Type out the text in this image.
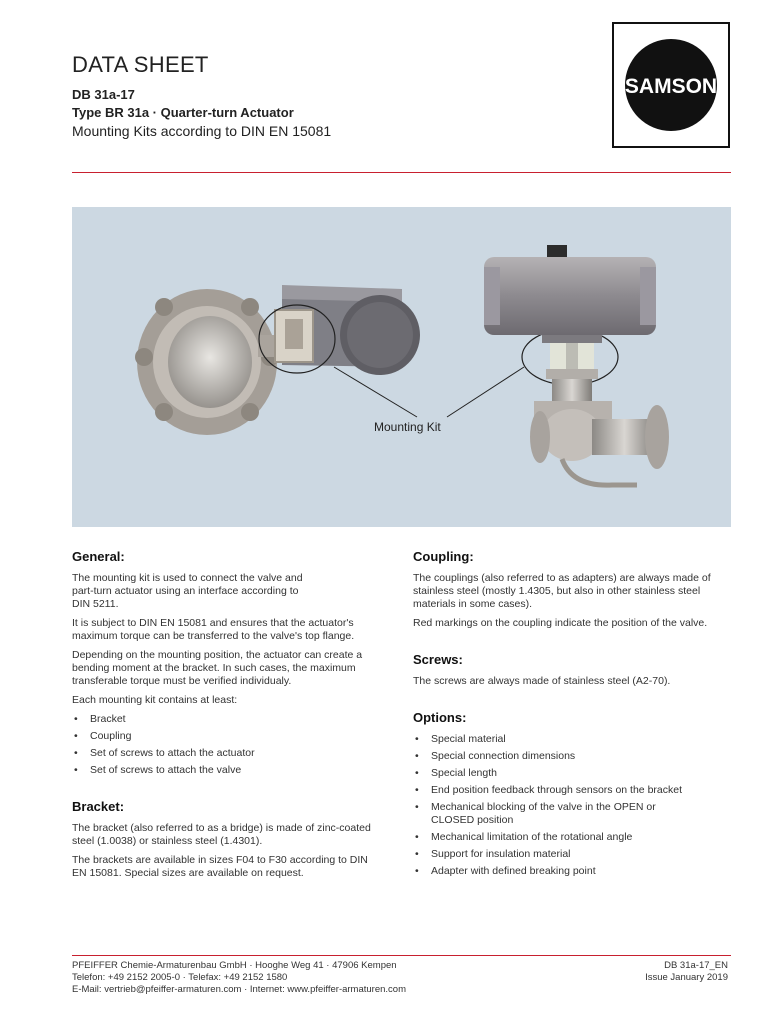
DATA SHEET
DB 31a-17
Type BR 31a · Quarter-turn Actuator
Mounting Kits according to DIN EN 15081
SAMSON
Mounting Kit
General:

The mounting kit is used to connect the valve and part-turn actuator using an interface according to DIN 5211.

It is subject to DIN EN 15081 and ensures that the actuator's maximum torque can be transferred to the valve's top flange.

Depending on the mounting position, the actuator can create a bending moment at the bracket. In such cases, the maximum transferable torque must be verified individualy.

Each mounting kit contains at least:

• Bracket
• Coupling
• Set of screws to attach the actuator
• Set of screws to attach the valve
Bracket:

The bracket (also referred to as a bridge) is made of zinc-coated steel (1.0038) or stainless steel (1.4301).

The brackets are available in sizes F04 to F30 according to DIN EN 15081. Special sizes are available on request.

Coupling:

The couplings (also referred to as adapters) are always made of stainless steel (mostly 1.4305, but also in other stainless steel materials in some cases).

Red markings on the coupling indicate the position of the valve.

Screws:

The screws are always made of stainless steel (A2-70).

Options:
• Special material
• Special connection dimensions
• Special length
• End position feedback through sensors on the bracket
• Mechanical blocking of the valve in the OPEN or CLOSED position
• Mechanical limitation of the rotational angle
• Support for insulation material
• Adapter with defined breaking point
PFEIFFER Chemie-Armaturenbau GmbH · Hooghe Weg 41 · 47906 Kempen
Telefon: +49 2152 2005-0 · Telefax: +49 2152 1580
E-Mail: vertrieb@pfeiffer-armaturen.com · Internet: www.pfeiffer-armaturen.com
DB 31a-17_EN
Issue January 2019
